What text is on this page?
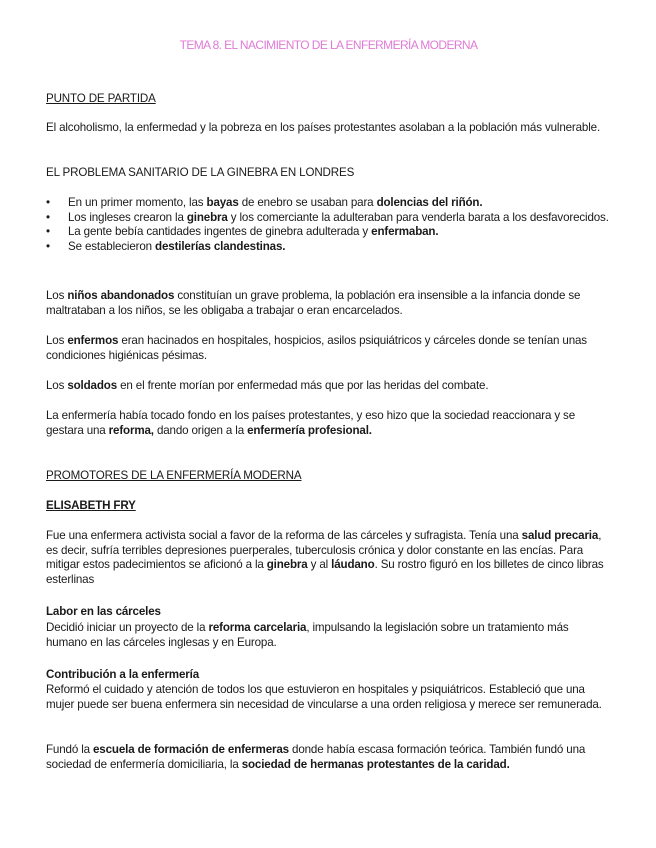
TEMA 8. EL NACIMIENTO DE LA ENFERMERÍA MODERNA
PUNTO DE PARTIDA

El alcoholismo, la enfermedad y la pobreza en los países protestantes asolaban a la población más vulnerable.

EL PROBLEMA SANITARIO DE LA GINEBRA EN LONDRES
• En un primer momento, las bayas de enebro se usaban para dolencias del riñón.
• Los ingleses crearon la ginebra y los comerciante la adulteraban para venderla barata a los desfavorecidos.
• La gente bebía cantidades ingentes de ginebra adulterada y enfermaban.
• Se establecieron destilerías clandestinas.

Los niños abandonados constituían un grave problema, la población era insensible a la infancia donde se maltrataban a los niños, se les obligaba a trabajar o eran encarcelados.

Los enfermos eran hacinados en hospitales, hospicios, asilos psiquiátricos y cárceles donde se tenían unas condiciones higiénicas pésimas.

Los soldados en el frente morían por enfermedad más que por las heridas del combate.

La enfermería había tocado fondo en los países protestantes, y eso hizo que la sociedad reaccionara y se gestara una reforma, dando origen a la enfermería profesional.

PROMOTORES DE LA ENFERMERÍA MODERNA
ELISABETH FRY

Fue una enfermera activista social a favor de la reforma de las cárceles y sufragista. Tenía una salud precaria, es decir, sufría terribles depresiones puerperales, tuberculosis crónica y dolor constante en las encías. Para mitigar estos padecimientos se aficionó a la ginebra y al láudano. Su rostro figuró en los billetes de cinco libras esterlinas

Labor en las cárceles

Decidió iniciar un proyecto de la reforma carcelaria, impulsando la legislación sobre un tratamiento más humano en las cárceles inglesas y en Europa.

Contribución a la enfermería

Reformó el cuidado y atención de todos los que estuvieron en hospitales y psiquiátricos. Estableció que una mujer puede ser buena enfermera sin necesidad de vincularse a una orden religiosa y merece ser remunerada.

Fundó la escuela de formación de enfermeras donde había escasa formación teórica. También fundó una sociedad de enfermería domiciliaria, la sociedad de hermanas protestantes de la caridad.
